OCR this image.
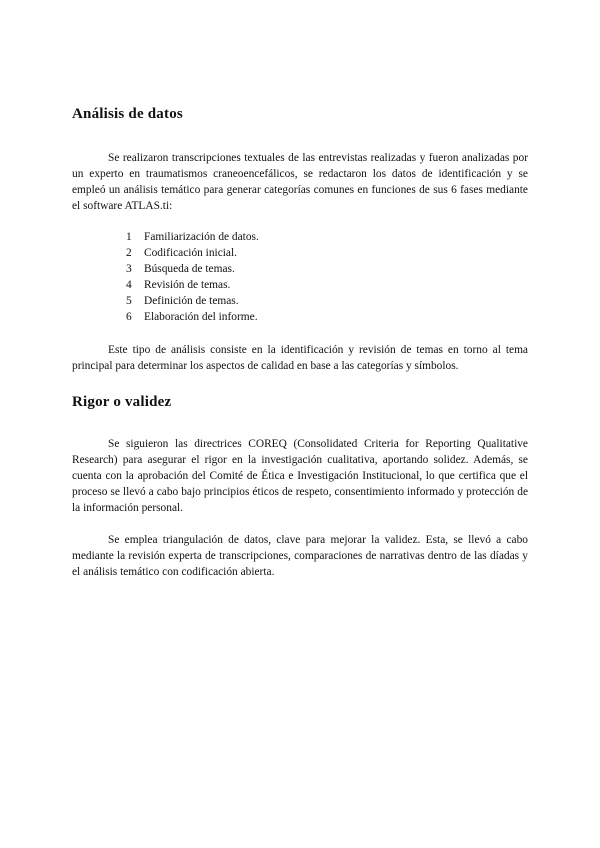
Análisis de datos

Se realizaron transcripciones textuales de las entrevistas realizadas y fueron analizadas por un experto en traumatismos craneoencefálicos, se redactaron los datos de identificación y se empleó un análisis temático para generar categorías comunes en funciones de sus 6 fases mediante el software ATLAS.ti:

1	Familiarización de datos.
2	Codificación inicial.
3	Búsqueda de temas.
4	Revisión de temas.
5	Definición de temas.
6	Elaboración del informe.

Este tipo de análisis consiste en la identificación y revisión de temas en torno al tema principal para determinar los aspectos de calidad en base a las categorías y símbolos.

Rigor o validez

Se siguieron las directrices COREQ (Consolidated Criteria for Reporting Qualitative Research) para asegurar el rigor en la investigación cualitativa, aportando solidez. Además, se cuenta con la aprobación del Comité de Ética e Investigación Institucional, lo que certifica que el proceso se llevó a cabo bajo principios éticos de respeto, consentimiento informado y protección de la información personal.

Se emplea triangulación de datos, clave para mejorar la validez. Esta, se llevó a cabo mediante la revisión experta de transcripciones, comparaciones de narrativas dentro de las díadas y el análisis temático con codificación abierta.
